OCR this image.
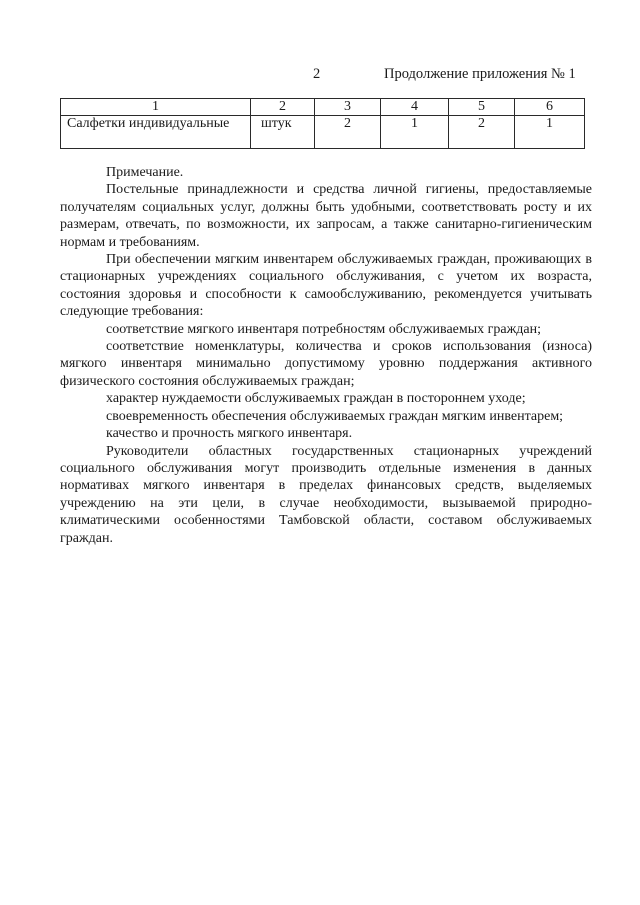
2	Продолжение приложения № 1
1	2	3	4	5	6
Салфетки индивидуальные	штук	2	1	2	1

Примечание.

Постельные принадлежности и средства личной гигиены, предоставляемые получателям социальных услуг, должны быть удобными, соответствовать росту и их размерам, отвечать, по возможности, их запросам, а также санитарно-гигиеническим нормам и требованиям.

При обеспечении мягким инвентарем обслуживаемых граждан, проживающих в стационарных учреждениях социального обслуживания, с учетом их возраста, состояния здоровья и способности к самообслуживанию, рекомендуется учитывать следующие требования:

соответствие мягкого инвентаря потребностям обслуживаемых граждан;

соответствие номенклатуры, количества и сроков использования (износа) мягкого инвентаря минимально допустимому уровню поддержания активного физического состояния обслуживаемых граждан;

характер нуждаемости обслуживаемых граждан в постороннем уходе;

своевременность обеспечения обслуживаемых граждан мягким инвентарем;

качество и прочность мягкого инвентаря.

Руководители областных государственных стационарных учреждений социального обслуживания могут производить отдельные изменения в данных нормативах мягкого инвентаря в пределах финансовых средств, выделяемых учреждению на эти цели, в случае необходимости, вызываемой природно-климатическими особенностями Тамбовской области, составом обслуживаемых граждан.
